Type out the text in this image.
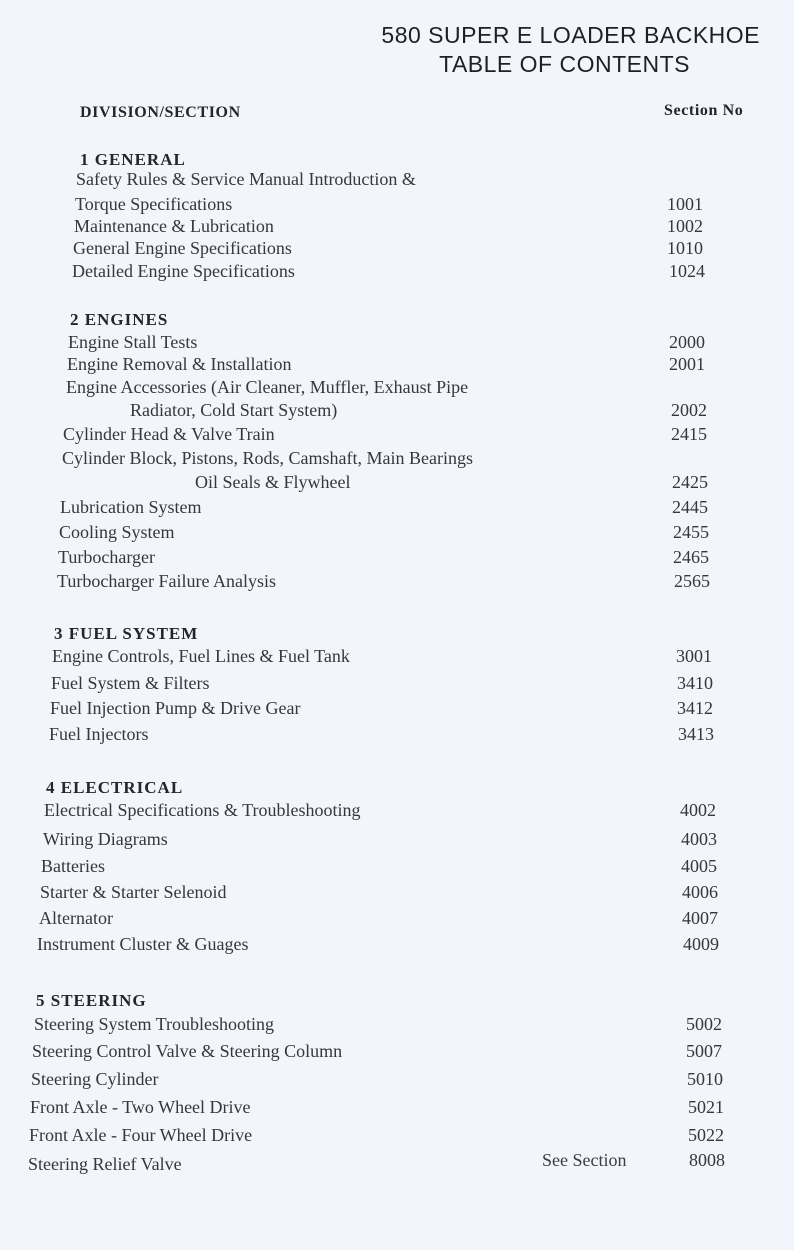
580 SUPER E LOADER BACKHOE
TABLE OF CONTENTS
DIVISION/SECTION	Section No
1 GENERAL
Safety Rules & Service Manual Introduction &
Torque Specifications	1001
Maintenance & Lubrication	1002
General Engine Specifications	1010
Detailed Engine Specifications	1024
2 ENGINES
Engine Stall Tests	2000
Engine Removal & Installation	2001
Engine Accessories (Air Cleaner, Muffler, Exhaust Pipe
Radiator, Cold Start System)	2002
Cylinder Head & Valve Train	2415
Cylinder Block, Pistons, Rods, Camshaft, Main Bearings
Oil Seals & Flywheel	2425
Lubrication System	2445
Cooling System	2455
Turbocharger	2465
Turbocharger Failure Analysis	2565
3 FUEL SYSTEM
Engine Controls, Fuel Lines & Fuel Tank	3001
Fuel System & Filters	3410
Fuel Injection Pump & Drive Gear	3412
Fuel Injectors	3413
4 ELECTRICAL
Electrical Specifications & Troubleshooting	4002
Wiring Diagrams	4003
Batteries	4005
Starter & Starter Selenoid	4006
Alternator	4007
Instrument Cluster & Guages	4009
5 STEERING
Steering System Troubleshooting	5002
Steering Control Valve & Steering Column	5007
Steering Cylinder	5010
Front Axle - Two Wheel Drive	5021
Front Axle - Four Wheel Drive	5022
Steering Relief Valve	See Section	8008
